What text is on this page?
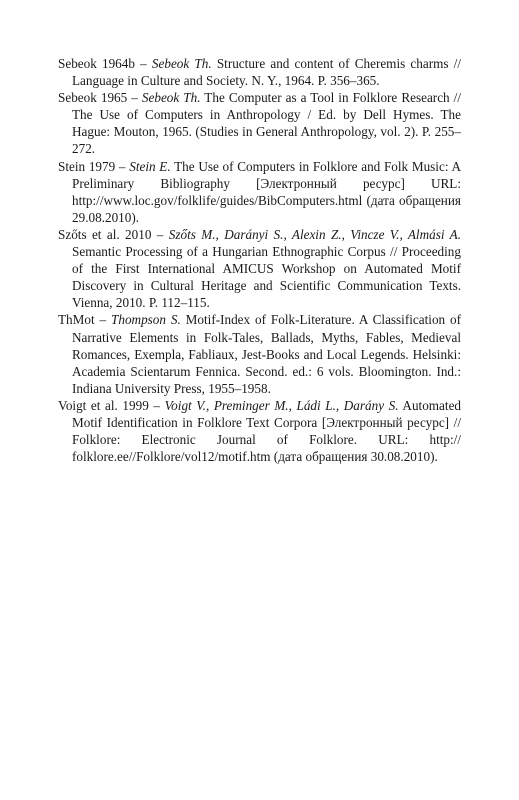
Sebeok 1964b – Sebeok Th. Structure and content of Cheremis charms // Language in Culture and Society. N. Y., 1964. P. 356–365.

Sebeok 1965 – Sebeok Th. The Computer as a Tool in Folklore Research // The Use of Computers in Anthropology / Ed. by Dell Hymes. The Hague: Mouton, 1965. (Studies in General Anthropology, vol. 2). P. 255–272.

Stein 1979 – Stein E. The Use of Computers in Folklore and Folk Music: A Preliminary Bibliography [Электронный ресурс] URL: http://www.loc.gov/folklife/guides/BibComputers.html (дата обращения 29.08.2010).

Szőts et al. 2010 – Szőts M., Darányi S., Alexin Z., Vincze V., Almási A. Semantic Processing of a Hungarian Ethnographic Corpus // Proceeding of the First International AMICUS Workshop on Automated Motif Discovery in Cultural Heritage and Scientific Communication Texts. Vienna, 2010. P. 112–115.

ThMot – Thompson S. Motif-Index of Folk-Literature. A Classification of Narrative Elements in Folk-Tales, Ballads, Myths, Fables, Medieval Romances, Exempla, Fabliaux, Jest-Books and Local Legends. Helsinki: Academia Scientarum Fennica. Second. ed.: 6 vols. Bloomington. Ind.: Indiana University Press, 1955–1958.

Voigt et al. 1999 – Voigt V., Preminger M., Ládi L., Darány S. Automated Motif Identification in Folklore Text Corpora [Электронный ресурс] // Folklore: Electronic Journal of Folklore. URL: http:// folklore.ee//Folklore/vol12/motif.htm (дата обращения 30.08.2010).
